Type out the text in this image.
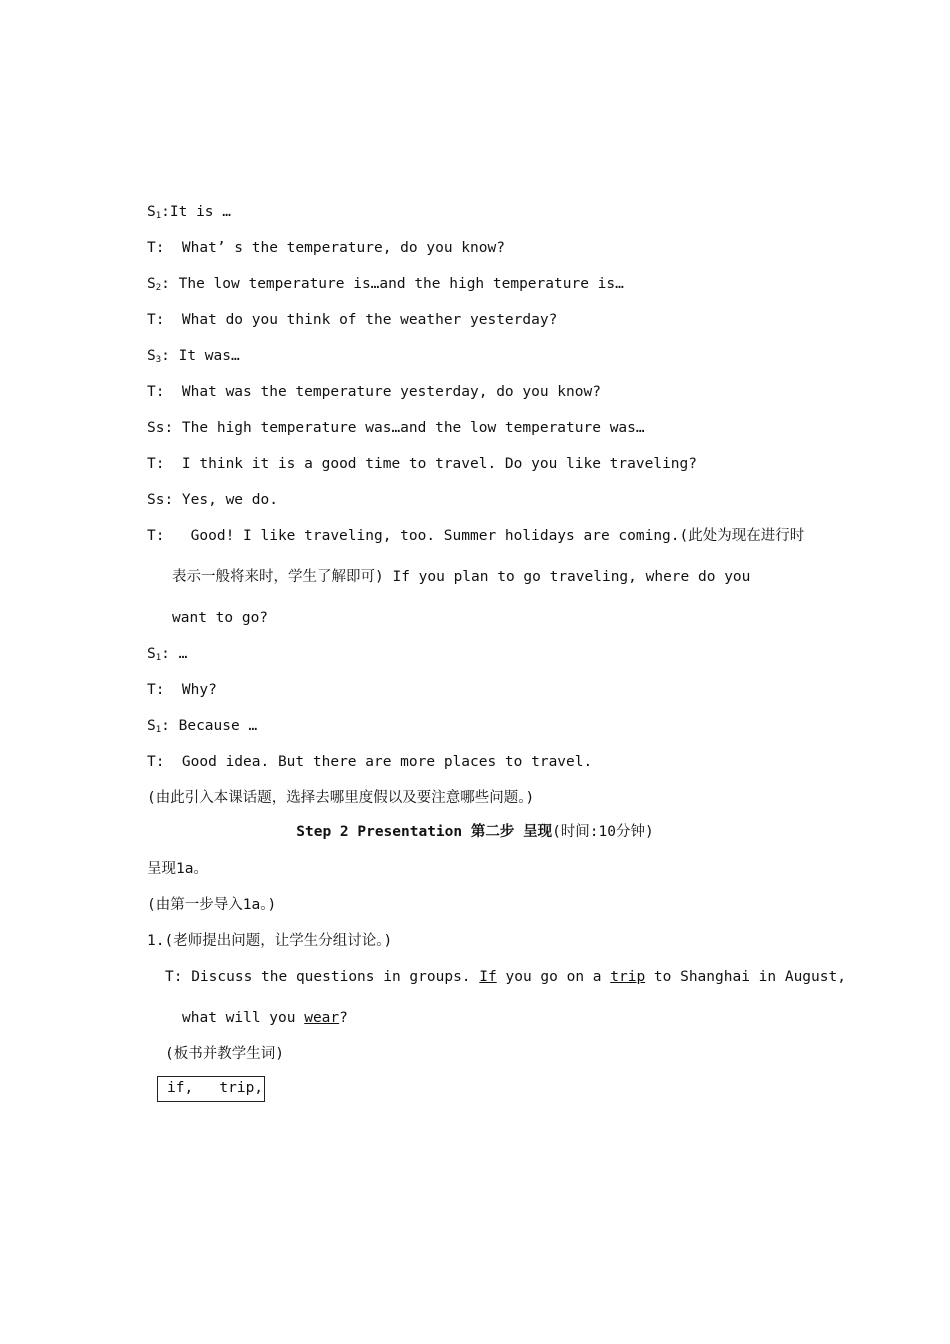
$S_1:It$ is …
T:  What’ s the temperature, do you know?
$S_2$: The low temperature is…and the high temperature is…
T:  What do you think of the weather yesterday?
$S_3$: It was…
T:  What was the temperature yesterday, do you know?
Ss: The high temperature was…and the low temperature was…
T:  I think it is a good time to travel. Do you like traveling?
Ss: Yes, we do.
T:   Good! I like traveling, too. Summer holidays are coming.(此处为现在进行时
表示一般将来时，学生了解即可) If you plan to go traveling, where do you
want to go?
$S_1$: …
T:  Why?
$S_1$: Because …
T:  Good idea. But there are more places to travel.
(由此引入本课话题，选择去哪里度假以及要注意哪些问题。)
Step 2 Presentation 第二步 呈现(时间:10分钟)
呈现1a。
(由第一步导入1a。)
1.(老师提出问题，让学生分组讨论。)
T: Discuss the questions in groups. If you go on a trip to Shanghai in August,
what will you wear?
(板书并教学生词)
if,   trip,
